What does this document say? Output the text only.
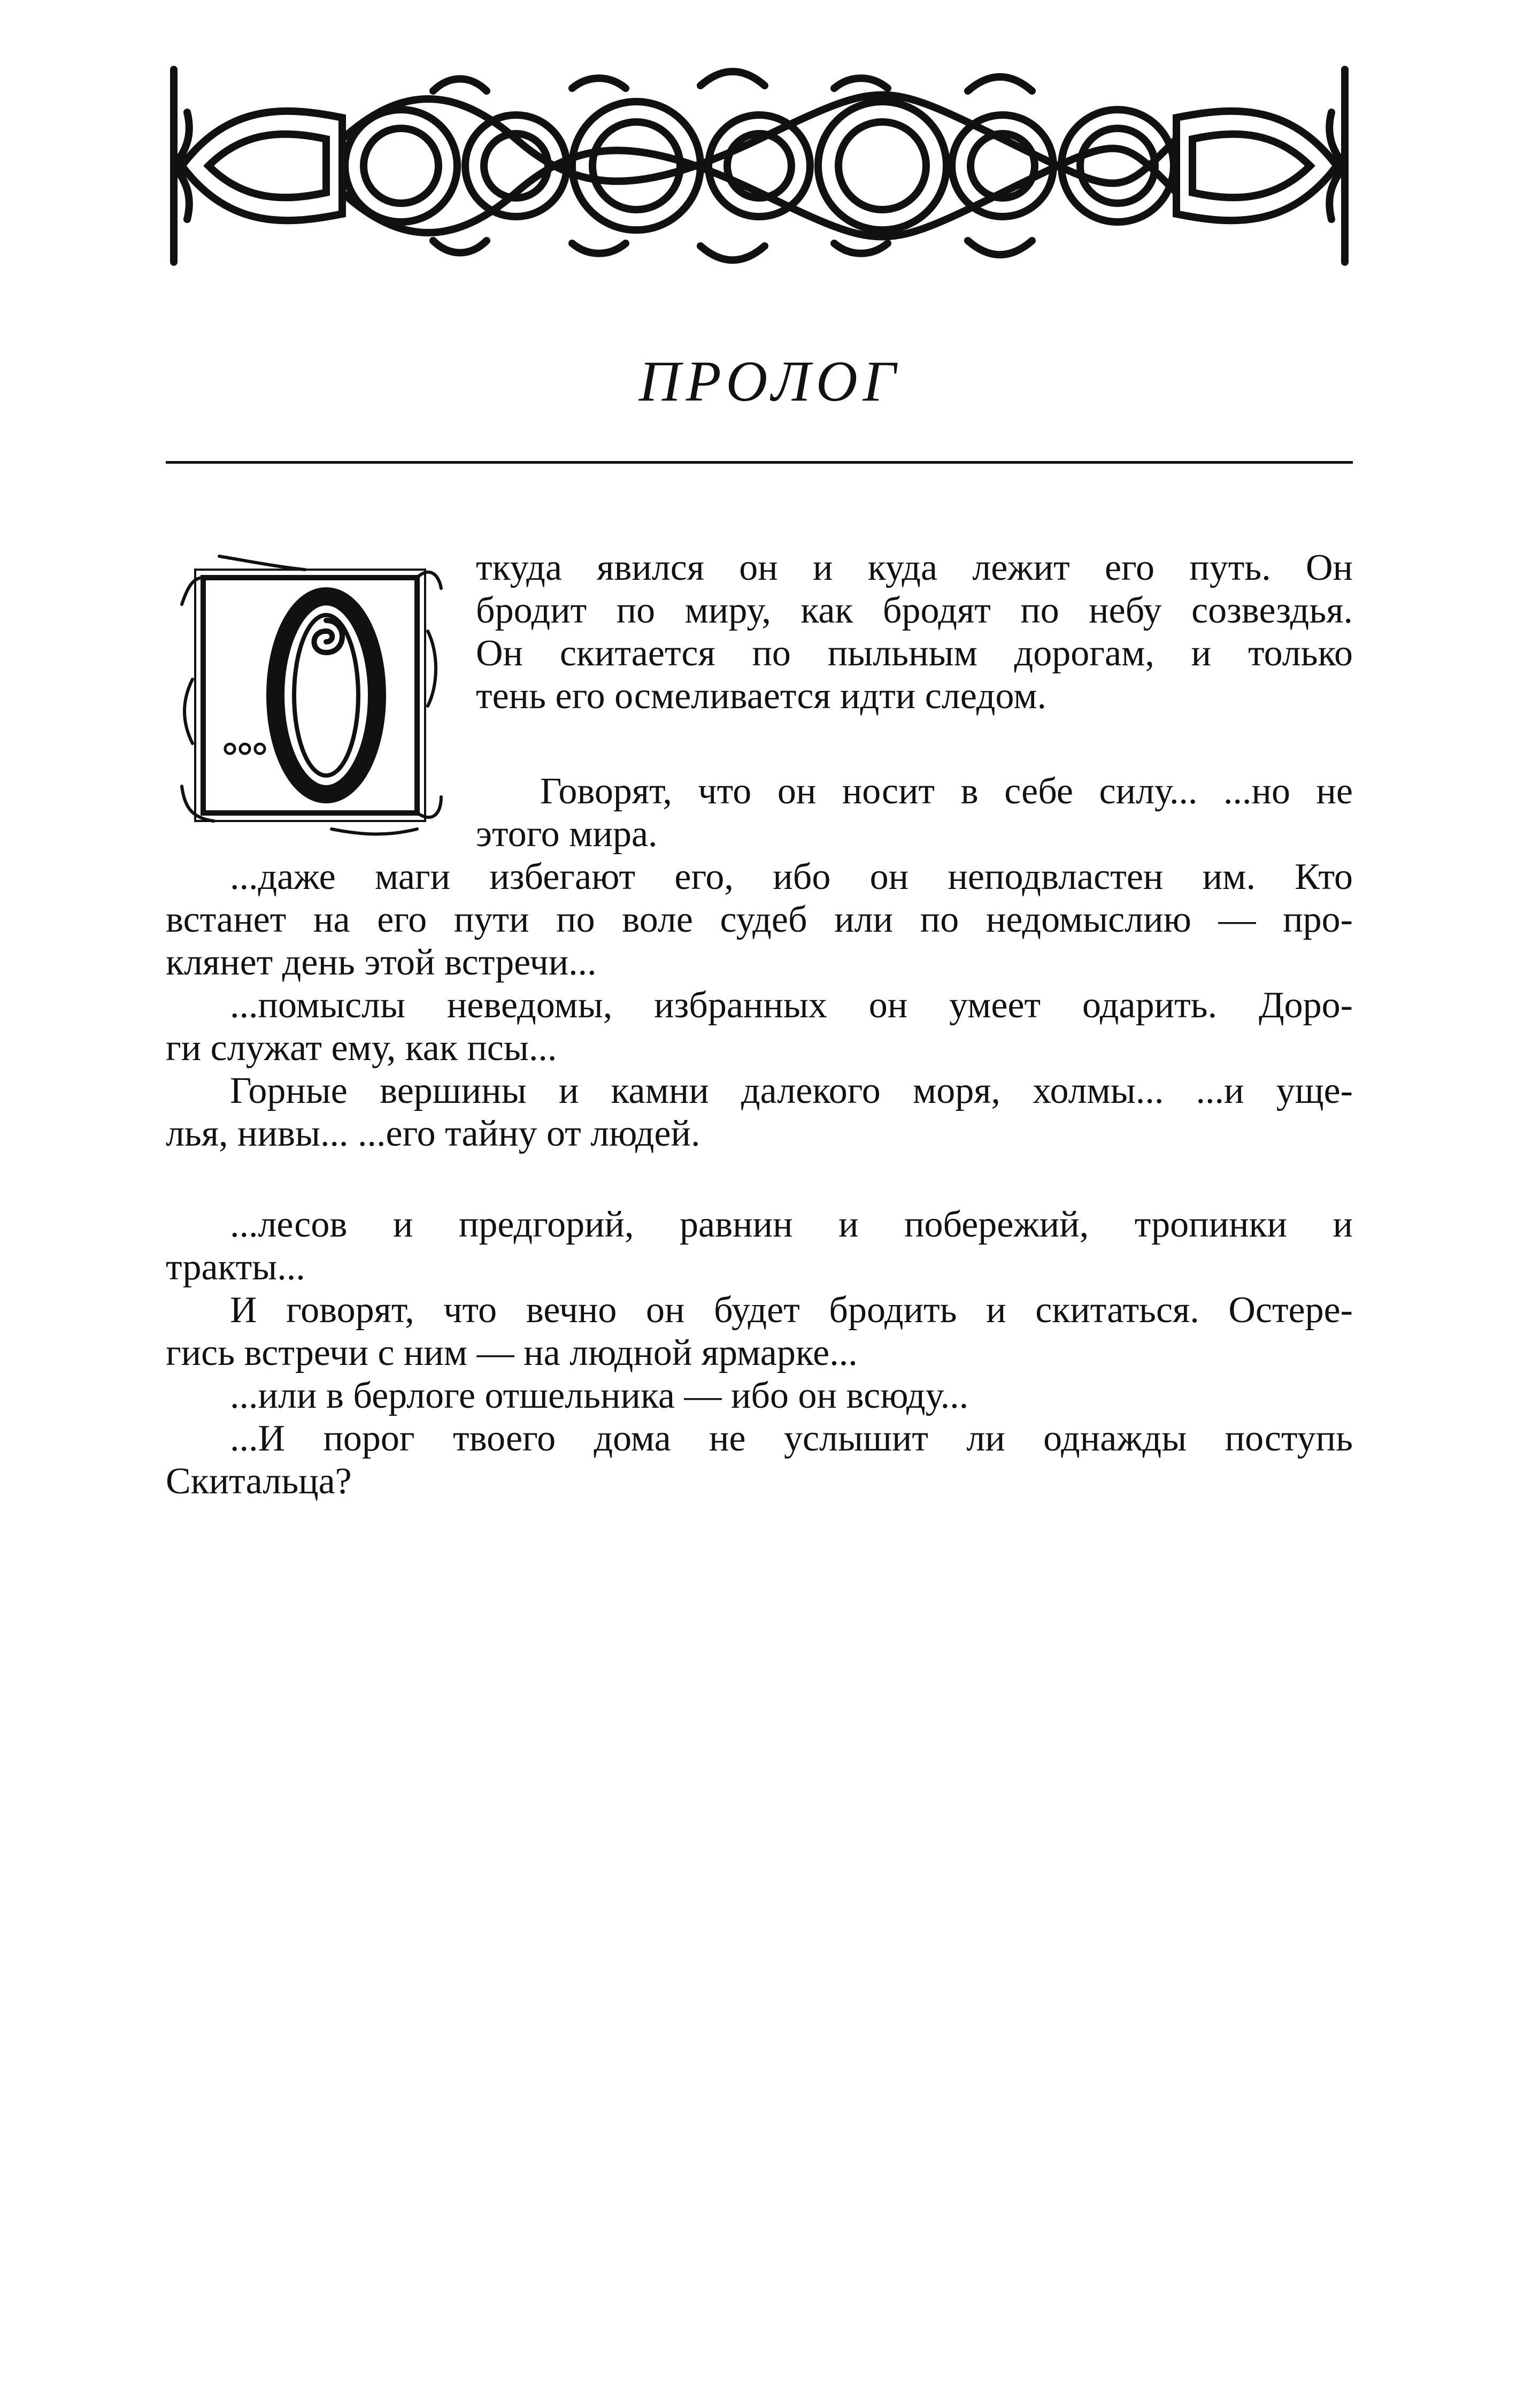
ПРОЛОГ
ткуда явился он и куда лежит его путь. Он
бродит по миру, как бродят по небу созвездья.
Он скитается по пыльным дорогам, и только
тень его осмеливается идти следом.
Говорят, что он носит в себе силу... ...но не
этого мира.
...даже маги избегают его, ибо он неподвластен им. Кто
встанет на его пути по воле судеб или по недомыслию — про-
клянет день этой встречи...
...помыслы неведомы, избранных он умеет одарить. Доро-
ги служат ему, как псы...
Горные вершины и камни далекого моря, холмы... ...и уще-
лья, нивы... ...его тайну от людей.
...лесов и предгорий, равнин и побережий, тропинки и
тракты...
И говорят, что вечно он будет бродить и скитаться. Остере-
гись встречи с ним — на людной ярмарке...
...или в берлоге отшельника — ибо он всюду...
...И порог твоего дома не услышит ли однажды поступь
Скитальца?
